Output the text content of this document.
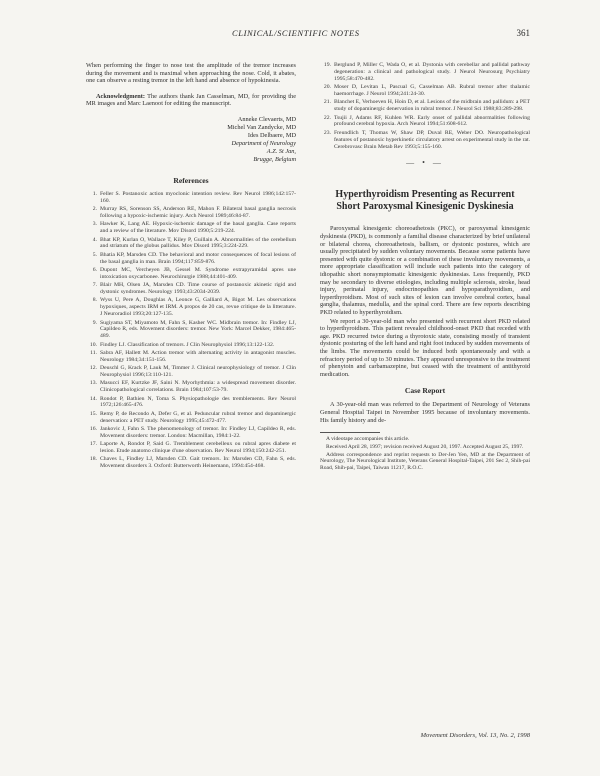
CLINICAL/SCIENTIFIC NOTES	361

When performing the finger to nose test the amplitude of the tremor increases during the movement and is maximal when approaching the nose. Cold, it abates, one can observe a resting tremor in the left hand and absence of hypokinesia.

Acknowledgment: The authors thank Jan Casselman, MD, for providing the MR images and Marc Laenoot for editing the manuscript.

Anneke Clevaerts, MD
Michel Van Zandycke, MD
Ides Delbaere, MD
Department of Neurology
A.Z. St Jan,
Brugge, Belgium
References
1. Feller S. Postanoxic action myoclonic intention review. Rev Neurol 1986;142:157-160.
2. Murray RS, Sorenson SS, Anderson RE, Mahon F. Bilateral basal ganglia necrosis following a hypoxic-ischemic injury. Arch Neurol 1989;46:84-87.
3. Hawker K, Lang AE. Hypoxic-ischemic damage of the basal ganglia. Case reports and a review of the literature. Mov Disord 1990;5:219-224.
4. Bhat KP, Kurlan O, Wallace T, Kiley P, Guillain A. Abnormalities of the cerebellum and striatum of the globus pallidus. Mov Disord 1995;3:224-229.
5. Bhatia KP, Marsden CD. The behavioral and motor consequences of focal lesions of the basal ganglia in man. Brain 1994;117:859-876.
6. Dupont MC, Vercheyen JB, Gessel M. Syndrome extrapyramidal apres une intoxication oxycarbonee. Neurochirurgie 1988;44:401-409.
7. Blair MH, Olsen JA, Marsden CD. Time course of postanoxic akinetic rigid and dystonic syndromes. Neurology 1993;43:2034-2039.
8. Wyss U, Pere A, Doughlas A, Leonce G, Galliard A, Bigot M. Les observations hypoxiques, aspects IRM et IRM. A propos de 20 cas, revue critique de la litterature. J Neuroradiol 1993;20:127-135.
9. Sugiyama ST, Miyamoto M, Fahn S, Kasher WC. Midbrain tremor. In: Findley LJ, Capildeo R, eds. Movement disorders: tremor. New York: Marcel Dekker, 1984:465-489.
10. Findley LJ. Classification of tremors. J Clin Neurophysiol 1996;13:122-132.
11. Sabra AF, Hallett M. Action tremor with alternating activity in antagonist muscles. Neurology 1984;34:151-156.
12. Deuschl G, Krack P, Lauk M, Timmer J. Clinical neurophysiology of tremor. J Clin Neurophysiol 1996;13:110-121.
13. Masucci EF, Kurtzke JF, Saini N. Myorhythmia: a widespread movement disorder. Clinicopathological correlations. Brain 1984;107:53-79.
14. Rondot P, Bathien N, Toma S. Physiopathologie des tremblements. Rev Neurol 1972;126:465-476.
15. Remy P, de Recondo A, Defer G, et al. Peduncular rubral tremor and dopaminergic denervation: a PET study. Neurology 1995;45:472-477.
16. Jankovic J, Fahn S. The phenomenology of tremor. In: Findley LJ, Capildeo R, eds. Movement disorders: tremor. London: Macmillan, 1984:1-22.
17. Laporte A, Rondot P, Said G. Tremblement cerebelleux ou rubral apres diabete et lesion. Etude anatomo clinique d'une observation. Rev Neurol 1994;150:242-251.
18. Chaves L, Findley LJ, Marsden CD. Gait tremors. In: Marsden CD, Fahn S, eds. Movement disorders 3. Oxford: Butterworth Heinemann, 1994:454-468.
19. Berglund P, Miller C, Wada O, et al. Dystonia with cerebellar and pallidal pathway degeneration: a clinical and pathological study. J Neurol Neurosurg Psychiatry 1995;58:470-482.
20. Moser D, Levitan L, Pascual G, Casselman AB. Rubral tremor after thalamic haemorrhage. J Neurol 1994;241:24-30.
21. Blanchet E, Verhoeven H, Hoin D, et al. Lesions of the midbrain and pallidum: a PET study of dopaminergic denervation in rubral tremor. J Neurol Sci 1988;83:289-298.
22. Tsujii J, Adams RF, Kuhlen WR. Early onset of pallidal abnormalities following profound cerebral hypoxia. Arch Neurol 1994;51:608-612.
23. Freundlich T, Thomas W, Shaw DP, Duval RE, Weber DO. Neuropathological features of postanoxic hyperkinetic circulatory arrest on experimental study in the rat. Cerebrovasc Brain Metab Rev 1993;5:155-160.
— • —
Hyperthyroidism Presenting as Recurrent
Short Paroxysmal Kinesigenic Dyskinesia

Paroxysmal kinesigenic choreoathetosis (PKC), or paroxysmal kinesigenic dyskinesia (PKD), is commonly a familial disease characterized by brief unilateral or bilateral chorea, choreoathetosis, ballism, or dystonic postures, which are usually precipitated by sudden voluntary movements. Because some patients have presented with quite dystonic or a combination of these involuntary movements, a more appropriate classification will include such patients into the category of idiopathic short nonsymptomatic kinesigenic dyskinesias. Less frequently, PKD may be secondary to diverse etiologies, including multiple sclerosis, stroke, head injury, perinatal injury, endocrinopathies and hypoparathyroidism, and hyperthyroidism. Most of such sites of lesion can involve cerebral cortex, basal ganglia, thalamus, medulla, and the spinal cord. There are few reports describing PKD related to hyperthyroidism.

We report a 30-year-old man who presented with recurrent short PKD related to hyperthyroidism. This patient revealed childhood-onset PKD that receded with age. PKD recurred twice during a thyrotoxic state, consisting mostly of transient dystonic posturing of the left hand and right foot induced by sudden movements of the limbs. The movements could be induced both spontaneously and with a refractory period of up to 30 minutes. They appeared unresponsive to the treatment of phenytoin and carbamazepine, but ceased with the treatment of antithyroid medication.

Case Report

A 30-year-old man was referred to the Department of Neurology of Veterans General Hospital Taipei in November 1995 because of involuntary movements. His family history and de-

A videotape accompanies this article.

Received April 28, 1997; revision received August 20, 1997. Accepted August 25, 1997.

Address correspondence and reprint requests to Der-Jen Yen, MD at the Department of Neurology, The Neurological Institute, Veterans General Hospital-Taipei, 201 Sec 2, Shih-pai Road, Shih-pai, Taipei, Taiwan 11217, R.O.C.

Movement Disorders, Vol. 13, No. 2, 1998
